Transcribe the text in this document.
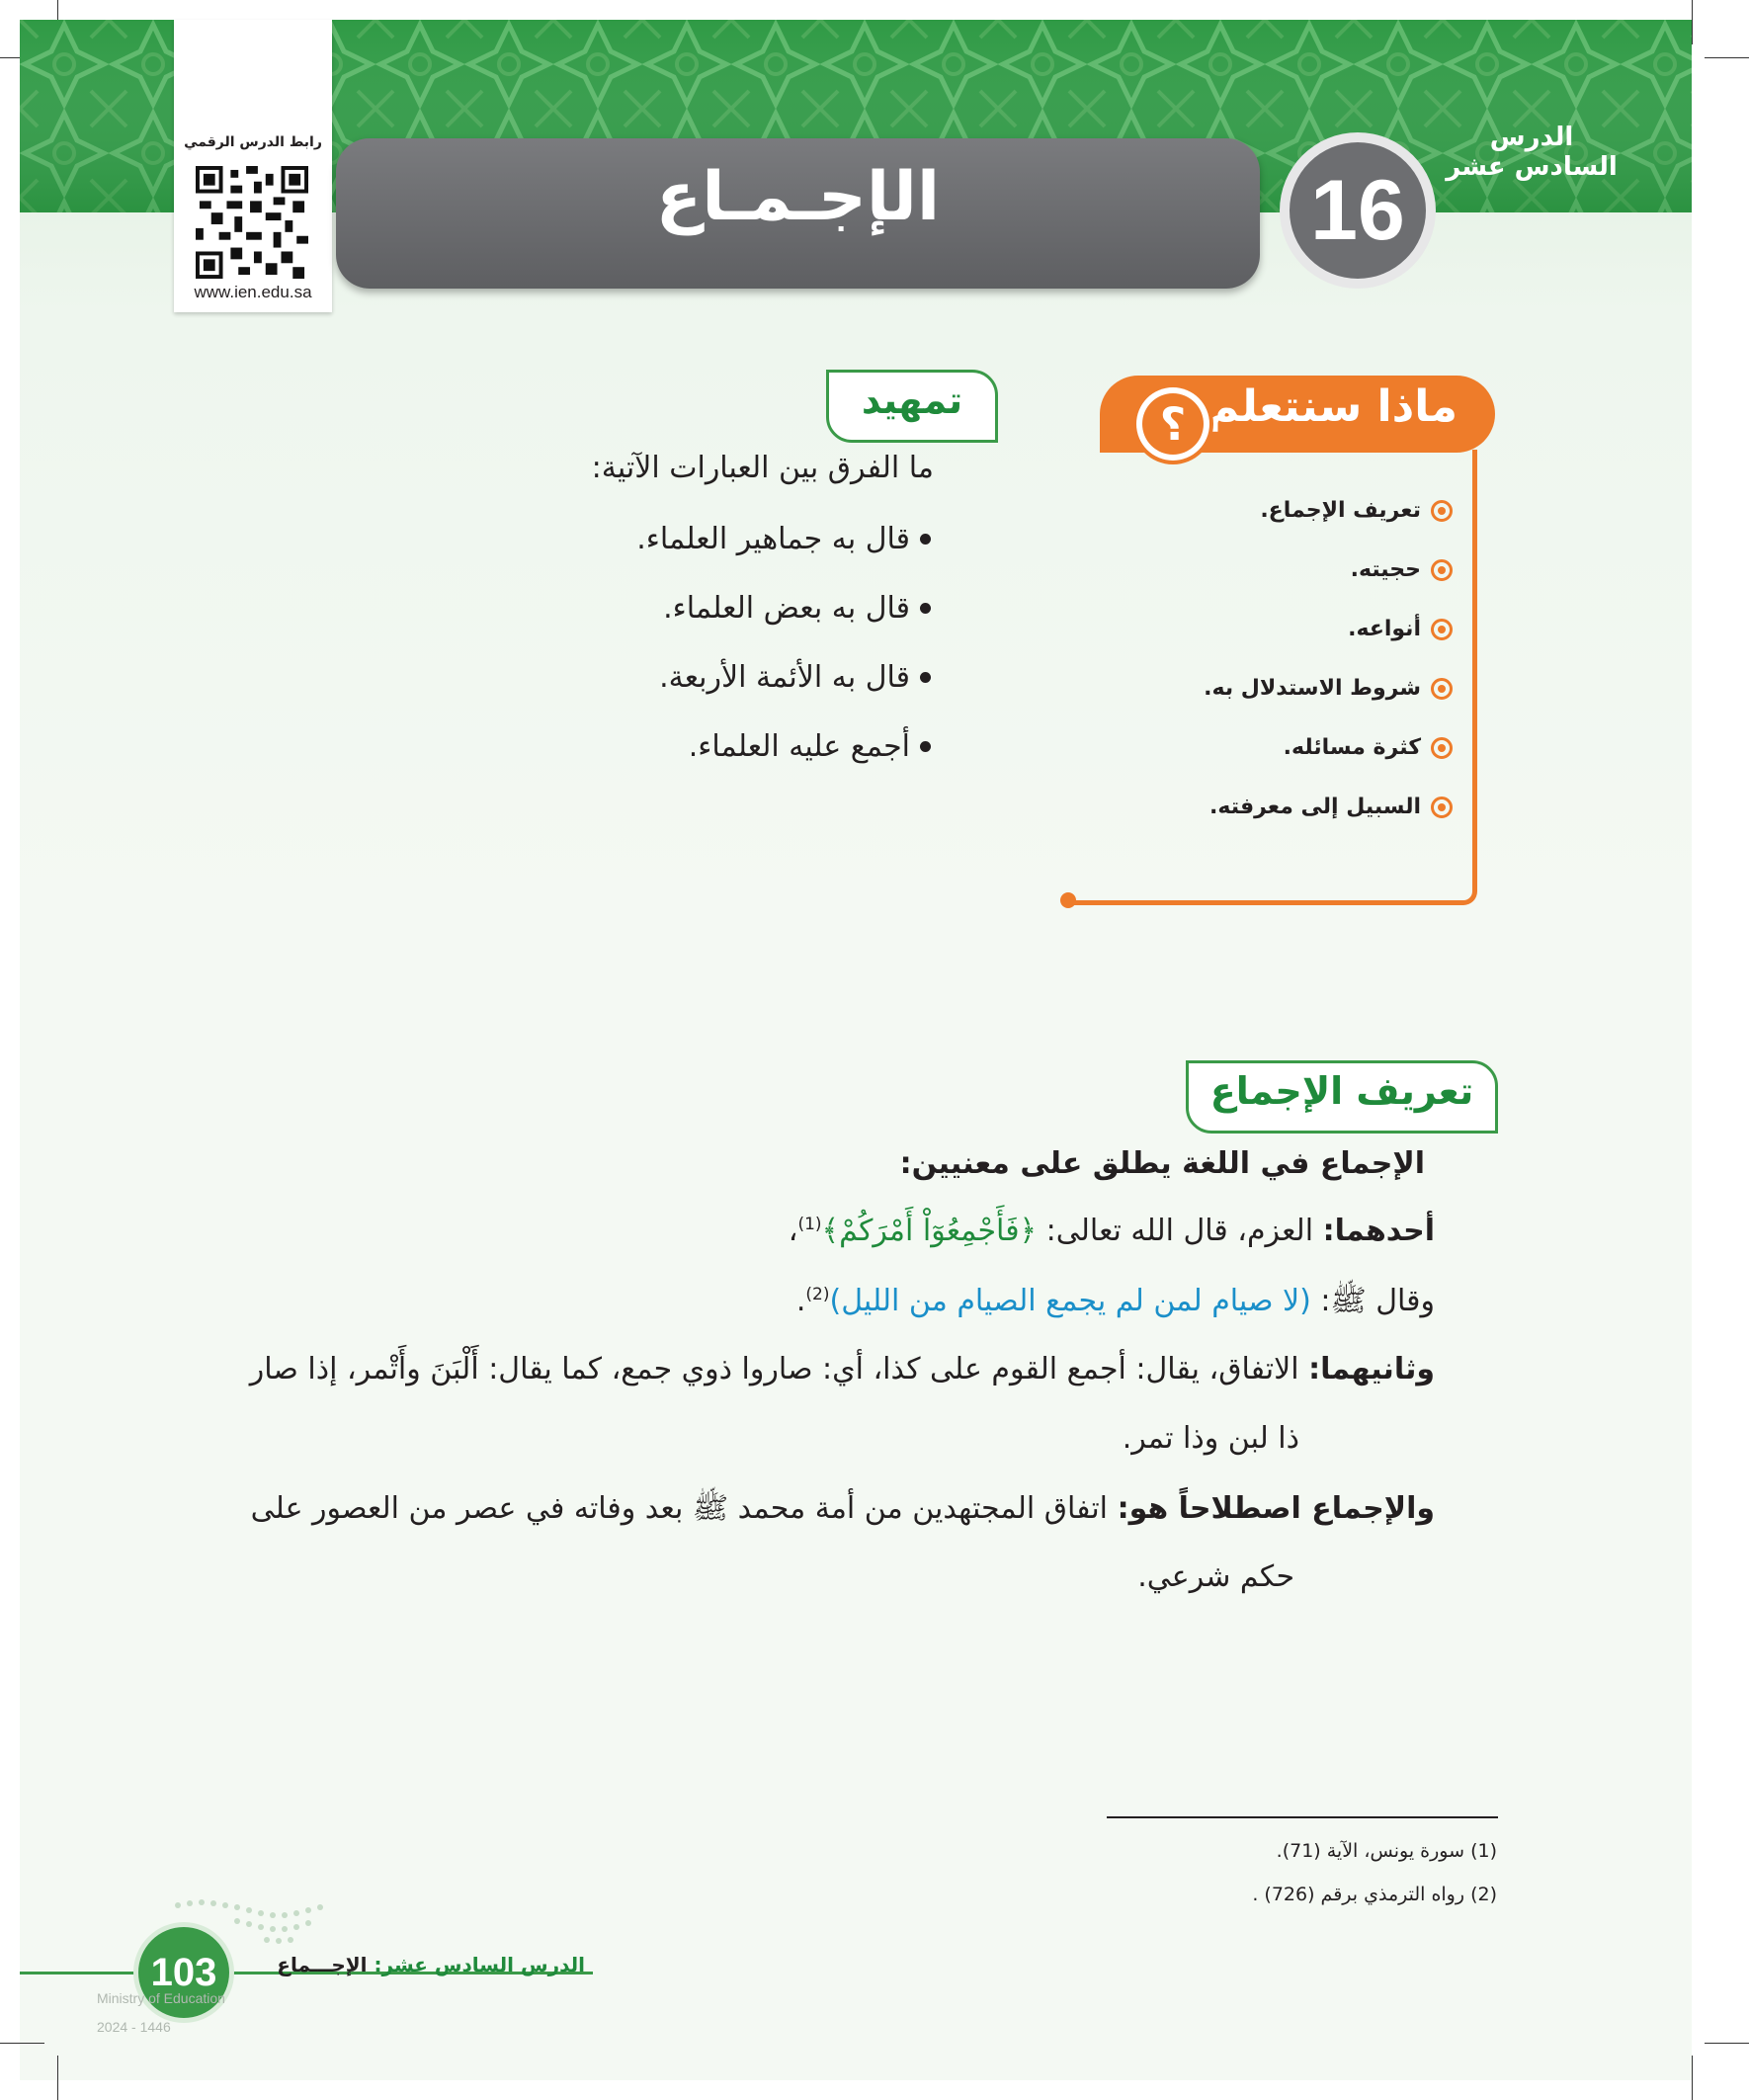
رابط الدرس الرقمي
www.ien.edu.sa
الإجـمـاع	16
الدرس
السادس عشر
ماذا سنتعلم
؟
تعريف الإجماع.
حجيته.
أنواعه.
شروط الاستدلال به.
كثرة مسائله.
السبيل إلى معرفته.
تمهيد
ما الفرق بين العبارات الآتية:
قال به جماهير العلماء.
قال به بعض العلماء.
قال به الأئمة الأربعة.
أجمع عليه العلماء.
تعريف الإجماع
الإجماع في اللغة يطلق على معنيين:
أحدهما: العزم، قال الله تعالى: ﴿فَأَجْمِعُوٓاْ أَمْرَكُمْ﴾$^{(1)}$،
وقال ﷺ: (لا صيام لمن لم يجمع الصيام من الليل)$^{(2)}$.
وثانيهما: الاتفاق، يقال: أجمع القوم على كذا، أي: صاروا ذوي جمع، كما يقال: أَلْبَنَ وأَتْمر، إذا صار
ذا لبن وذا تمر.
والإجماع اصطلاحاً هو: اتفاق المجتهدين من أمة محمد ﷺ بعد وفاته في عصر من العصور على
حكم شرعي.
(1) سورة يونس، الآية (71).
(2) رواه الترمذي برقم (726) .
103	الدرس السادس عشر: الإجـــماع
Ministry of Education
2024 - 1446
